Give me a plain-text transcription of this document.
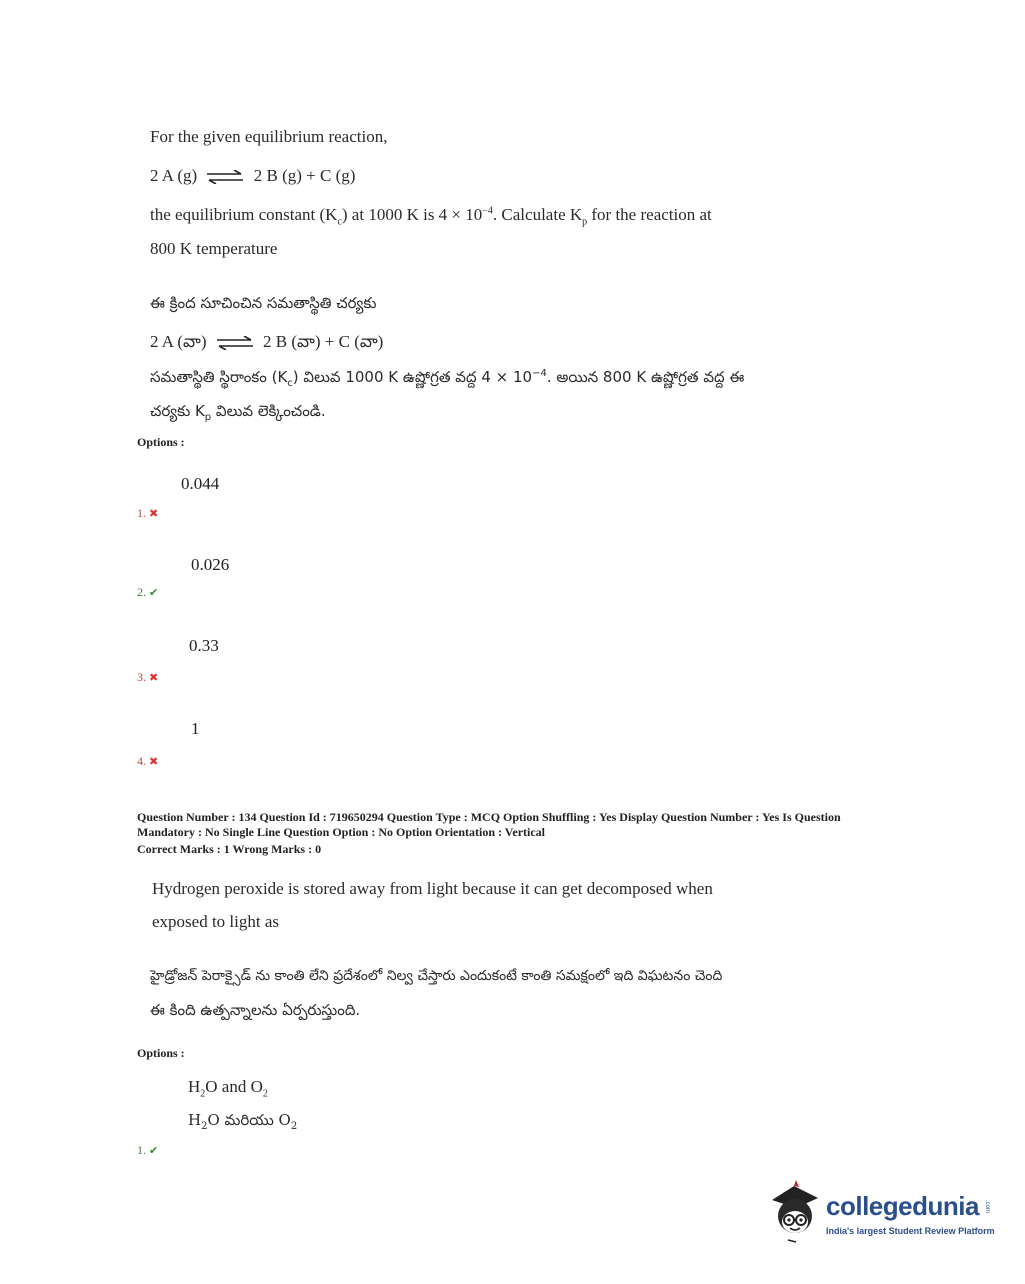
For the given equilibrium reaction,
2 A (g) ⇌ 2 B (g) + C (g)
the equilibrium constant $(K_c)$ at 1000 K is $4 \times 10^{-4}$. Calculate $K_p$ for the reaction at
800 K temperature
ఈ క్రింద సూచించిన సమతాస్థితి చర్యకు
2 A (వా) ⇌ 2 B (వా) + C (వా)
సమతాస్థితి స్థిరాంకం $(K_c)$ విలువ 1000 K ఉష్ణోగ్రత వద్ద $4 \times 10^{-4}$. అయిన 800 K ఉష్ణోగ్రత వద్ద ఈ
చర్యకు $K_p$ విలువ లెక్కించండి.
Options :
0.044
1. ✖
0.026
2. ✔
0.33
3. ✖
1
4. ✖
Question Number : 134 Question Id : 719650294 Question Type : MCQ Option Shuffling : Yes Display Question Number : Yes Is Question
Mandatory : No Single Line Question Option : No Option Orientation : Vertical
Correct Marks : 1 Wrong Marks : 0
Hydrogen peroxide is stored away from light because it can get decomposed when
exposed to light as
హైడ్రోజన్ పెరాక్సైడ్ ను కాంతి లేని ప్రదేశంలో నిల్వ చేస్తారు ఎందుకంటే కాంతి సమక్షంలో ఇది విఘటనం చెంది
ఈ కింది ఉత్పన్నాలను ఏర్పరుస్తుంది.
Options :
$H_2O$ and $O_2$
$H_2O$ మరియు $O_2$
1. ✔
collegedunia .com
India's largest Student Review Platform
